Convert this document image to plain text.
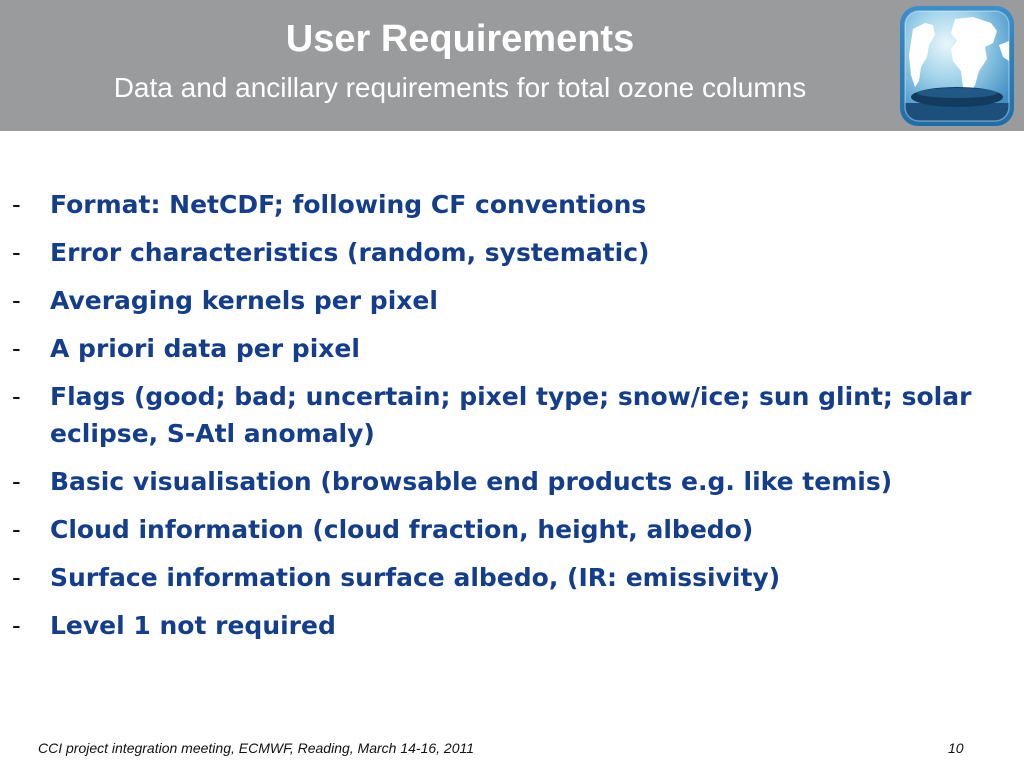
User Requirements
Data and ancillary requirements for total ozone columns
- Format: NetCDF; following CF conventions
- Error characteristics (random, systematic)
- Averaging kernels per pixel
- A priori data per pixel
- Flags (good; bad; uncertain; pixel type; snow/ice; sun glint; solar eclipse, S-Atl anomaly)
- Basic visualisation (browsable end products e.g. like temis)
- Cloud information (cloud fraction, height, albedo)
- Surface information surface albedo, (IR: emissivity)
- Level 1 not required
CCI project integration meeting, ECMWF, Reading, March 14-16, 2011	10
